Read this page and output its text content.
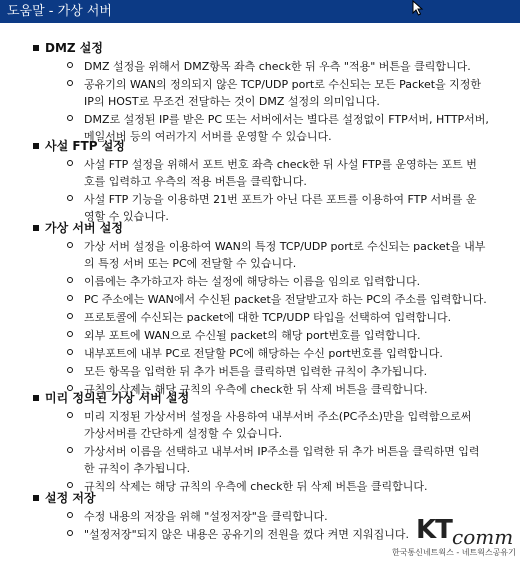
도움말 - 가상 서버
DMZ 설정
DMZ 설정을 위해서 DMZ항목 좌측 check한 뒤 우측 "적용" 버튼을 클릭합니다.
공유기의 WAN의 정의되지 않은 TCP/UDP port로 수신되는 모든 Packet을 지정한
IP의 HOST로 무조건 전달하는 것이 DMZ 설정의 의미입니다.
DMZ로 설정된 IP를 받은 PC 또는 서버에서는 별다른 설정없이 FTP서버, HTTP서버,
메일서버 등의 여러가지 서버를 운영할 수 있습니다.
사설 FTP 설정
사설 FTP 설정을 위해서 포트 번호 좌측 check한 뒤 사설 FTP를 운영하는 포트 번
호를 입력하고 우측의 적용 버튼을 클릭합니다.
사설 FTP 기능을 이용하면 21번 포트가 아닌 다른 포트를 이용하여 FTP 서버를 운
영할 수 있습니다.
가상 서버 설정
가상 서버 설정을 이용하여 WAN의 특정 TCP/UDP port로 수신되는 packet을 내부
의 특정 서버 또는 PC에 전달할 수 있습니다.
이름에는 추가하고자 하는 설정에 해당하는 이름을 임의로 입력합니다.
PC 주소에는 WAN에서 수신된 packet을 전달받고자 하는 PC의 주소를 입력합니다.
프로토콜에 수신되는 packet에 대한 TCP/UDP 타입을 선택하여 입력합니다.
외부 포트에 WAN으로 수신될 packet의 해당 port번호를 입력합니다.
내부포트에 내부 PC로 전달할 PC에 해당하는 수신 port번호를 입력합니다.
모든 항목을 입력한 뒤 추가 버튼을 클릭하면 입력한 규칙이 추가됩니다.
규칙의 삭제는 해당 규칙의 우측에 check한 뒤 삭제 버튼을 클릭합니다.
미리 정의된 가상 서버 설정
미리 지정된 가상서버 설정을 사용하여 내부서버 주소(PC주소)만을 입력함으로써
가상서버를 간단하게 설정할 수 있습니다.
가상서버 이름을 선택하고 내부서버 IP주소를 입력한 뒤 추가 버튼을 클릭하면 입력
한 규칙이 추가됩니다.
규칙의 삭제는 해당 규칙의 우측에 check한 뒤 삭제 버튼을 클릭합니다.
설정 저장
수정 내용의 저장을 위해 "설정저장"을 클릭합니다.
"설정저장"되지 않은 내용은 공유기의 전원을 껐다 켜면 지워집니다. KT comm
한국통신네트웍스 - 네트웍스공유기
